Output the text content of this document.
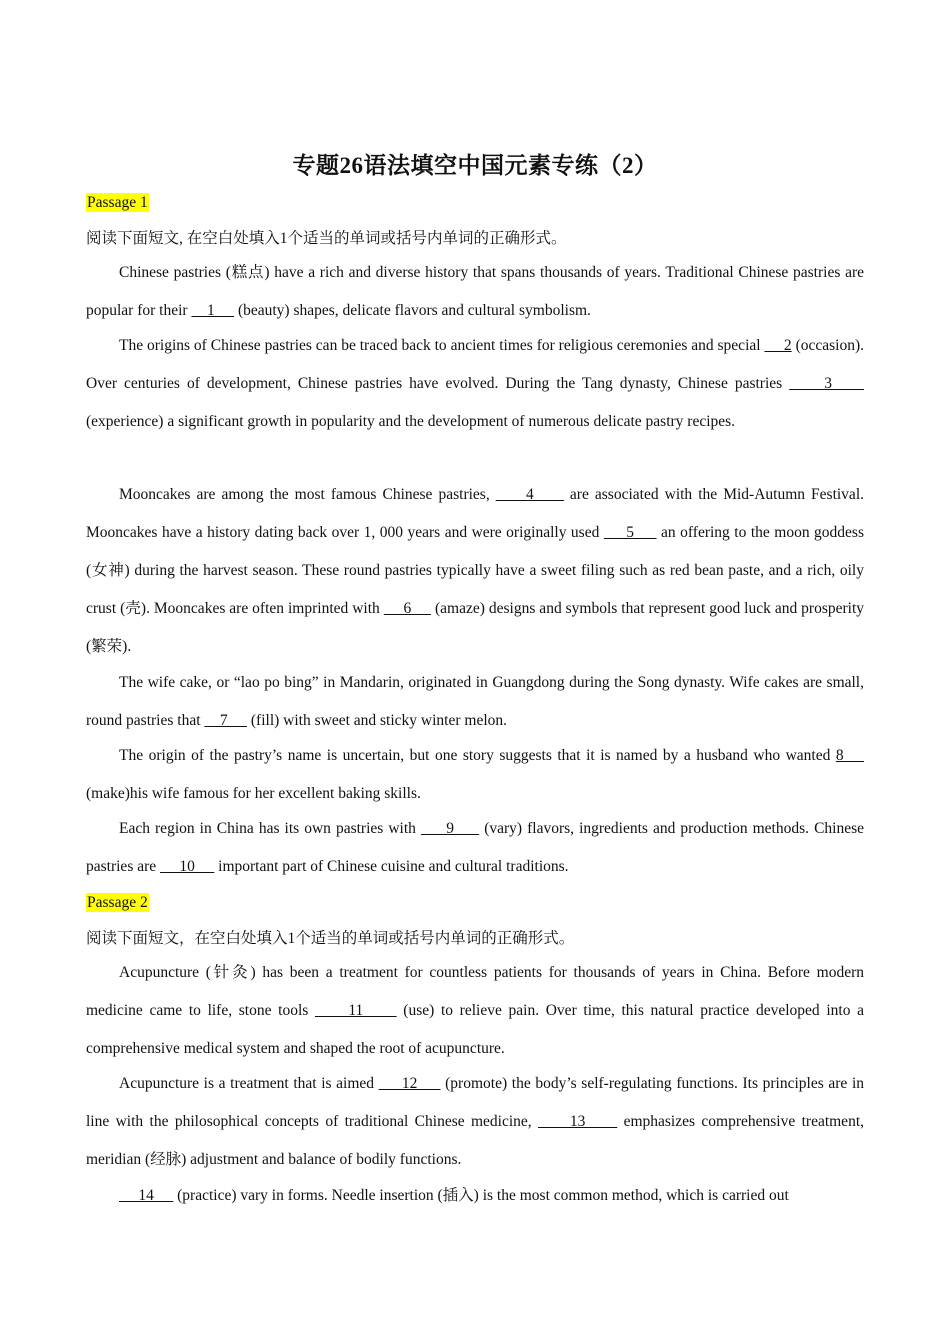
专题26语法填空中国元素专练（2）
Passage 1
阅读下面短文, 在空白处填入1个适当的单词或括号内单词的正确形式。

Chinese pastries (糕点) have a rich and diverse history that spans thousands of years. Traditional Chinese pastries are popular for their     1      (beauty) shapes, delicate flavors and cultural symbolism.

The origins of Chinese pastries can be traced back to ancient times for religious ceremonies and special      2 (occasion). Over centuries of development, Chinese pastries have evolved. During the Tang dynasty, Chinese pastries      3      (experience) a significant growth in popularity and the development of numerous delicate pastry recipes.

Mooncakes are among the most famous Chinese pastries,      4      are associated with the Mid-Autumn Festival. Mooncakes have a history dating back over 1, 000 years and were originally used      5      an offering to the moon goddess (女神) during the harvest season. These round pastries typically have a sweet filing such as red bean paste, and a rich, oily crust (壳). Mooncakes are often imprinted with      6      (amaze) designs and symbols that represent good luck and prosperity (繁荣).

The wife cake, or “lao po bing” in Mandarin, originated in Guangdong during the Song dynasty. Wife cakes are small, round pastries that     7      (fill) with sweet and sticky winter melon.

The origin of the pastry’s name is uncertain, but one story suggests that it is named by a husband who wanted 8     (make)his wife famous for her excellent baking skills.

Each region in China has its own pastries with      9      (vary) flavors, ingredients and production methods. Chinese pastries are      10      important part of Chinese cuisine and cultural traditions.

Passage 2
阅读下面短文，在空白处填入1个适当的单词或括号内单词的正确形式。

Acupuncture (针灸) has been a treatment for countless patients for thousands of years in China. Before modern medicine came to life, stone tools      11      (use) to relieve pain. Over time, this natural practice developed into a comprehensive medical system and shaped the root of acupuncture.

Acupuncture is a treatment that is aimed      12      (promote) the body’s self-regulating functions. Its principles are in line with the philosophical concepts of traditional Chinese medicine,      13      emphasizes comprehensive treatment, meridian (经脉) adjustment and balance of bodily functions.

14      (practice) vary in forms. Needle insertion (插入) is the most common method, which is carried out
